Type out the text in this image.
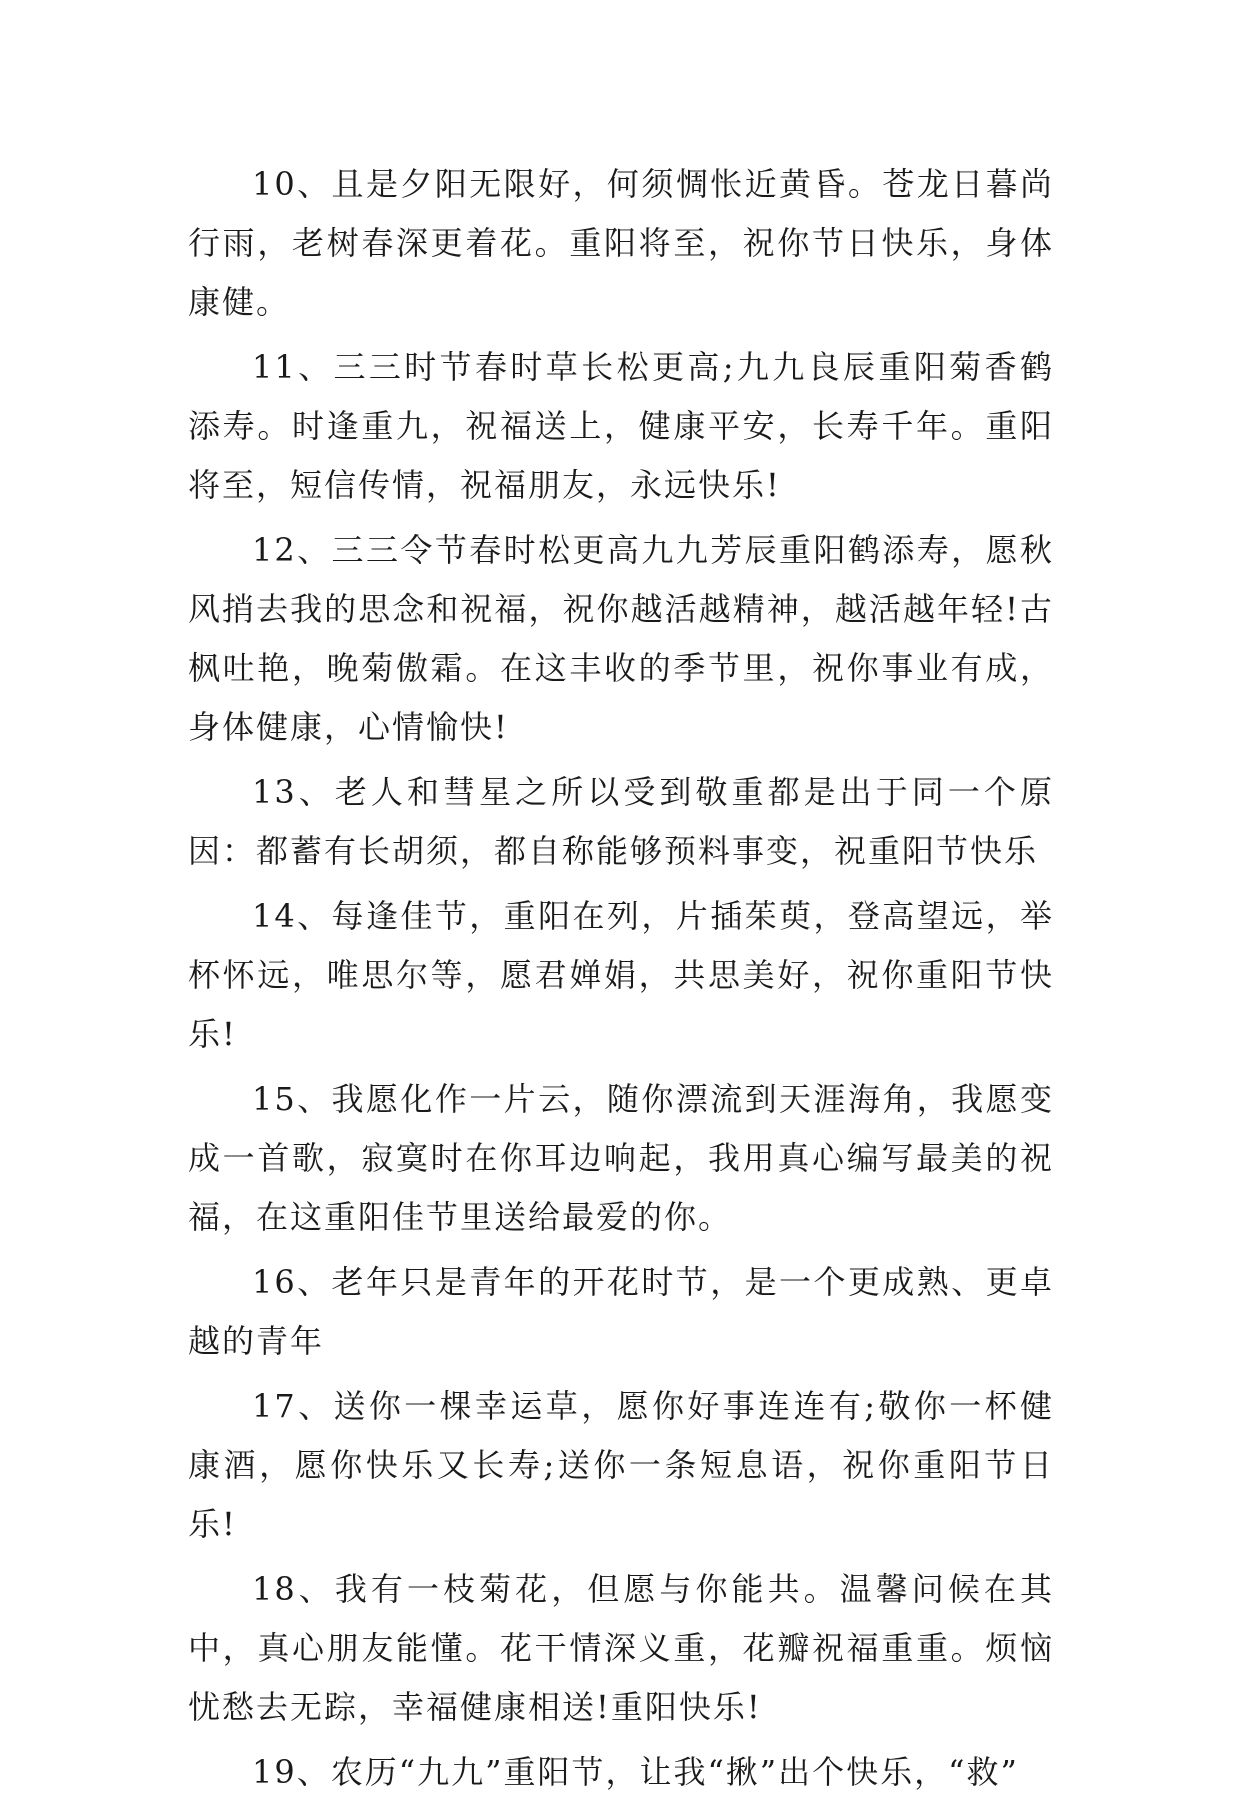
10、且是夕阳无限好，何须惆怅近黄昏。苍龙日暮尚行雨，老树春深更着花。重阳将至，祝你节日快乐，身体康健。

11、三三时节春时草长松更高;九九良辰重阳菊香鹤添寿。时逢重九，祝福送上，健康平安，长寿千年。重阳将至，短信传情，祝福朋友，永远快乐!

12、三三令节春时松更高九九芳辰重阳鹤添寿，愿秋风捎去我的思念和祝福，祝你越活越精神，越活越年轻!古枫吐艳，晚菊傲霜。在这丰收的季节里，祝你事业有成，身体健康，心情愉快!

13、老人和彗星之所以受到敬重都是出于同一个原因：都蓄有长胡须，都自称能够预料事变，祝重阳节快乐

14、每逢佳节，重阳在列，片插茱萸，登高望远，举杯怀远，唯思尔等，愿君婵娟，共思美好，祝你重阳节快乐!

15、我愿化作一片云，随你漂流到天涯海角，我愿变成一首歌，寂寞时在你耳边响起，我用真心编写最美的祝福，在这重阳佳节里送给最爱的你。

16、老年只是青年的开花时节，是一个更成熟、更卓越的青年

17、送你一棵幸运草，愿你好事连连有;敬你一杯健康酒，愿你快乐又长寿;送你一条短息语，祝你重阳节日乐!

18、我有一枝菊花，但愿与你能共。温馨问候在其中，真心朋友能懂。花干情深义重，花瓣祝福重重。烦恼忧愁去无踪，幸福健康相送!重阳快乐!

19、农历“九九”重阳节，让我“揪”出个快乐，“救”
